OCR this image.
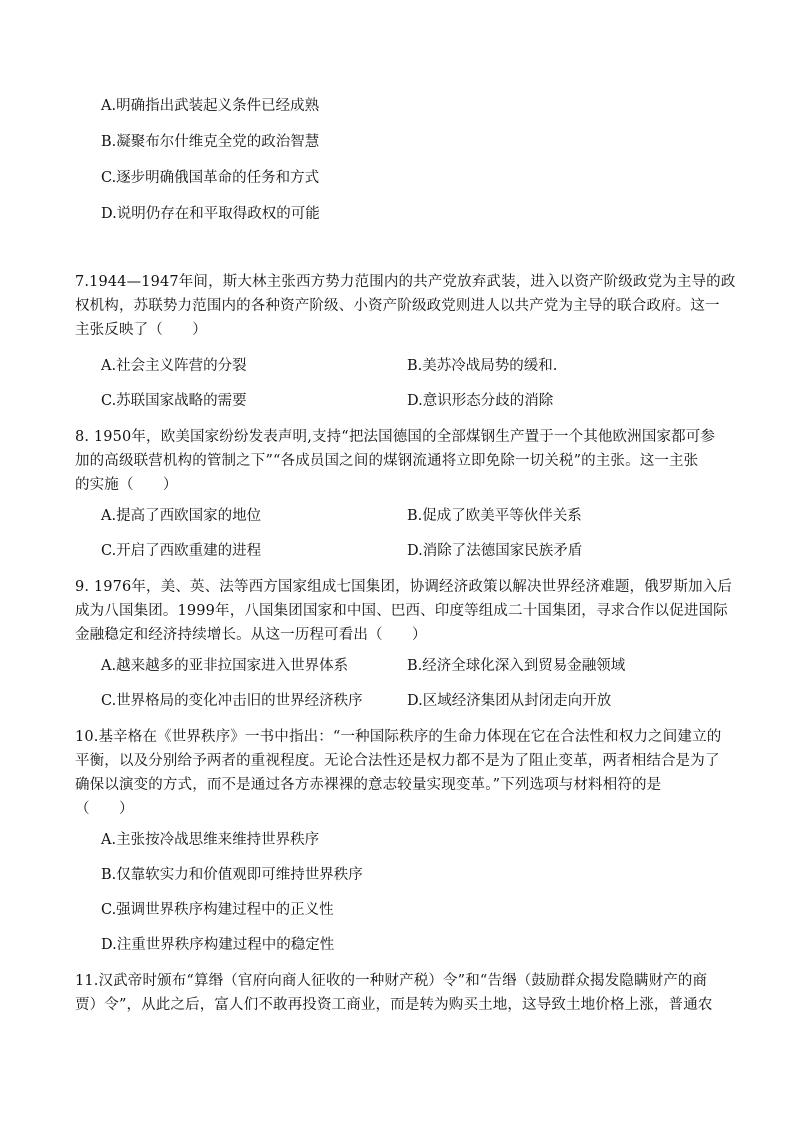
A.明确指出武装起义条件已经成熟
B.凝聚布尔什维克全党的政治智慧
C.逐步明确俄国革命的任务和方式
D.说明仍存在和平取得政权的可能
7.1944—1947年间，斯大林主张西方势力范围内的共产党放弃武装，进入以资产阶级政党为主导的政
权机构，苏联势力范围内的各种资产阶级、小资产阶级政党则进人以共产党为主导的联合政府。这一
主张反映了（　　）
A.社会主义阵营的分裂	B.美苏冷战局势的缓和.
C.苏联国家战略的需要	D.意识形态分歧的消除
8. 1950年，欧美国家纷纷发表声明,支持“把法国德国的全部煤钢生产置于一个其他欧洲国家都可参
加的高级联营机构的管制之下”“各成员国之间的煤钢流通将立即免除一切关税”的主张。这一主张
的实施（　　）
A.提高了西欧国家的地位	B.促成了欧美平等伙伴关系
C.开启了西欧重建的进程	D.消除了法德国家民族矛盾
9. 1976年，美、英、法等西方国家组成七国集团，协调经济政策以解决世界经济难题，俄罗斯加入后
成为八国集团。1999年，八国集团国家和中国、巴西、印度等组成二十国集团，寻求合作以促进国际
金融稳定和经济持续增长。从这一历程可看出（　　）
A.越来越多的亚非拉国家进入世界体系	B.经济全球化深入到贸易金融领域
C.世界格局的变化冲击旧的世界经济秩序	D.区域经济集团从封闭走向开放
10.基辛格在《世界秩序》一书中指出：“一种国际秩序的生命力体现在它在合法性和权力之间建立的
平衡，以及分别给予两者的重视程度。无论合法性还是权力都不是为了阻止变革，两者相结合是为了
确保以演变的方式，而不是通过各方赤裸裸的意志较量实现变革。”下列选项与材料相符的是
（　　）
A.主张按冷战思维来维持世界秩序
B.仅靠软实力和价值观即可维持世界秩序
C.强调世界秩序构建过程中的正义性
D.注重世界秩序构建过程中的稳定性
11.汉武帝时颁布“算缗（官府向商人征收的一种财产税）令”和“告缗（鼓励群众揭发隐瞒财产的商
贾）令”，从此之后，富人们不敢再投资工商业，而是转为购买土地，这导致土地价格上涨，普通农
